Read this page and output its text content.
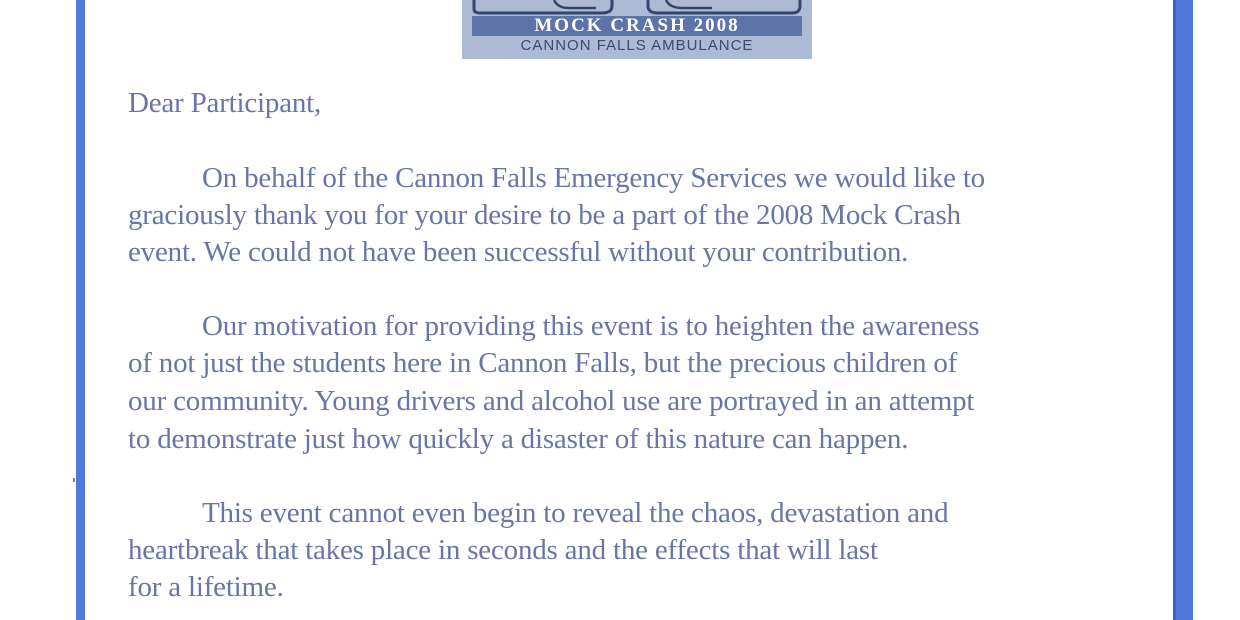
MOCK CRASH 2008
CANNON FALLS AMBULANCE
Dear Participant,
On behalf of the Cannon Falls Emergency Services we would like to
graciously thank you for your desire to be a part of the 2008 Mock Crash
event. We could not have been successful without your contribution.
Our motivation for providing this event is to heighten the awareness
of not just the students here in Cannon Falls, but the precious children of
our community. Young drivers and alcohol use are portrayed in an attempt
to demonstrate just how quickly a disaster of this nature can happen.
This event cannot even begin to reveal the chaos, devastation and
heartbreak that takes place in seconds and the effects that will last
for a lifetime.
